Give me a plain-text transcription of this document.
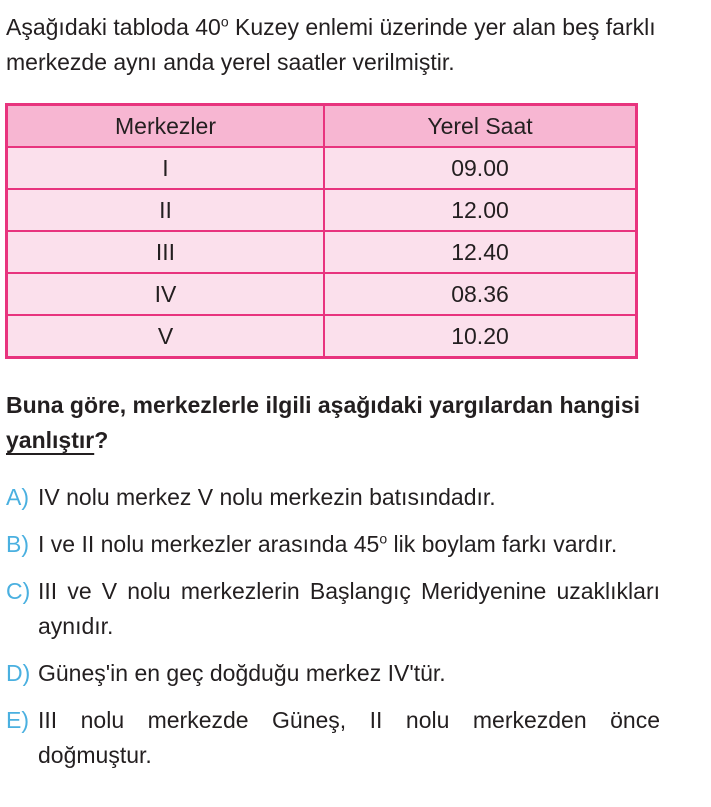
Aşağıdaki tabloda 40$^o$ Kuzey enlemi üzerinde yer alan beş farklı merkezde aynı anda yerel saatler verilmiştir.

Merkezler	Yerel Saat
I	09.00
II	12.00
III	12.40
IV	08.36
V	10.20

Buna göre, merkezlerle ilgili aşağıdaki yargılardan hangisi yanlıştır?

A) IV nolu merkez V nolu merkezin batısındadır.
B) I ve II nolu merkezler arasında 45$^o$ lik boylam farkı vardır.
C) III ve V nolu merkezlerin Başlangıç Meridyenine uzaklıkları aynıdır.
D) Güneş'in en geç doğduğu merkez IV'tür.
E) III nolu merkezde Güneş, II nolu merkezden önce doğmuştur.
